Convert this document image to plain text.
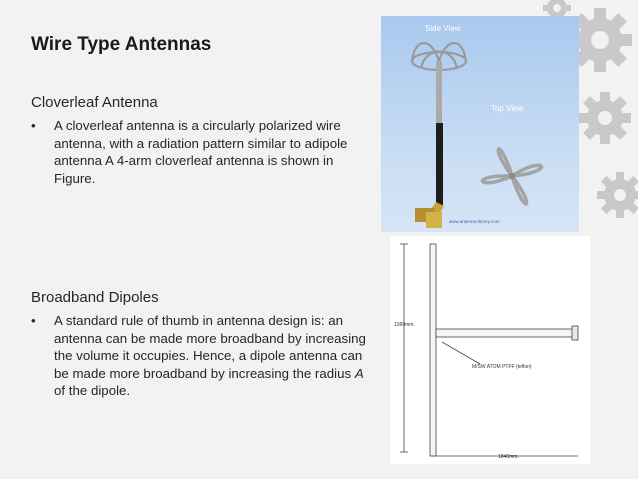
Wire Type Antennas
Cloverleaf Antenna
• A cloverleaf antenna is a circularly polarized wire antenna, with a radiation pattern similar to adipole antenna A 4-arm cloverleaf antenna is shown in Figure.
Broadband Dipoles
• A standard rule of thumb in antenna design is: an antenna can be made more broadband by increasing the volume it occupies. Hence, a dipole antenna can be made more broadband by increasing the radius A of the dipole.
Side View
Top View
www.antenna-theory.com
1360mm.
M/SW ATOM PTFF (teflon)
1840mm.
